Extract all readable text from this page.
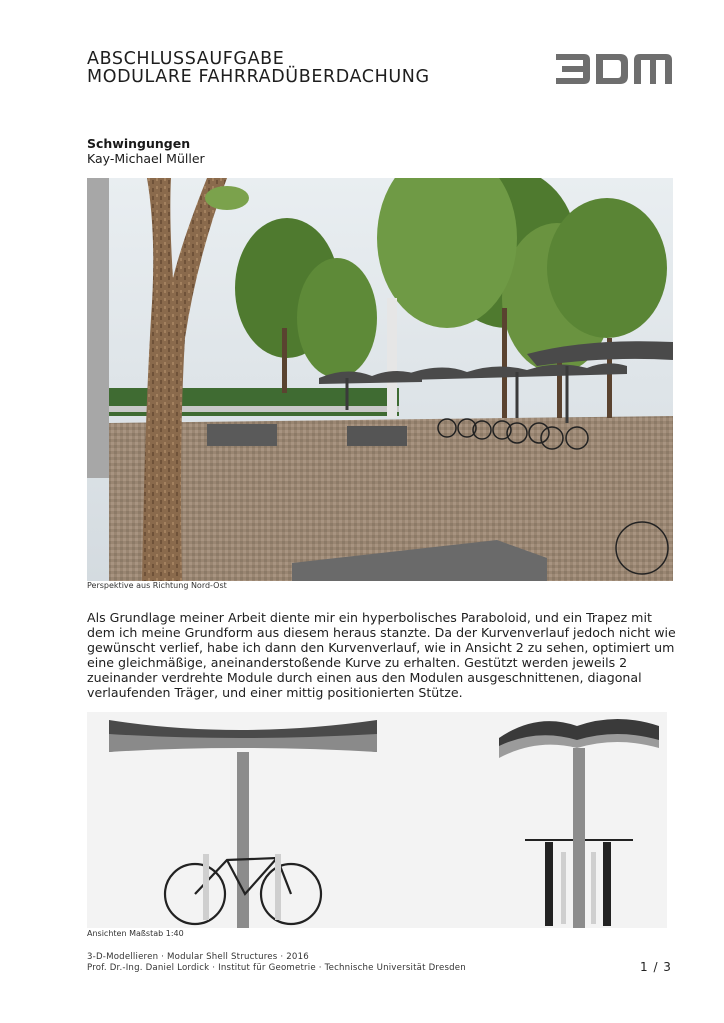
ABSCHLUSSAUFGABE
MODULARE FAHRRADÜBERDACHUNG
Schwingungen
Kay-Michael Müller
Perspektive aus Richtung Nord-Ost
Als Grundlage meiner Arbeit diente mir ein hyperbolisches Paraboloid, und ein Trapez mit dem ich meine Grundform aus diesem heraus stanzte. Da der Kurvenverlauf jedoch nicht wie gewünscht verlief, habe ich dann den Kurvenverlauf, wie in Ansicht 2 zu sehen, optimiert um eine gleichmäßige, aneinanderstoßende Kurve zu erhalten. Gestützt werden jeweils 2 zueinander verdrehte Module durch einen aus den Modulen ausgeschnittenen, diagonal verlaufenden Träger, und einer mittig positionierten Stütze.
Ansichten Maßstab 1:40
3-D-Modellieren · Modular Shell Structures · 2016
Prof. Dr.-Ing. Daniel Lordick · Institut für Geometrie · Technische Universität Dresden	1 / 3
